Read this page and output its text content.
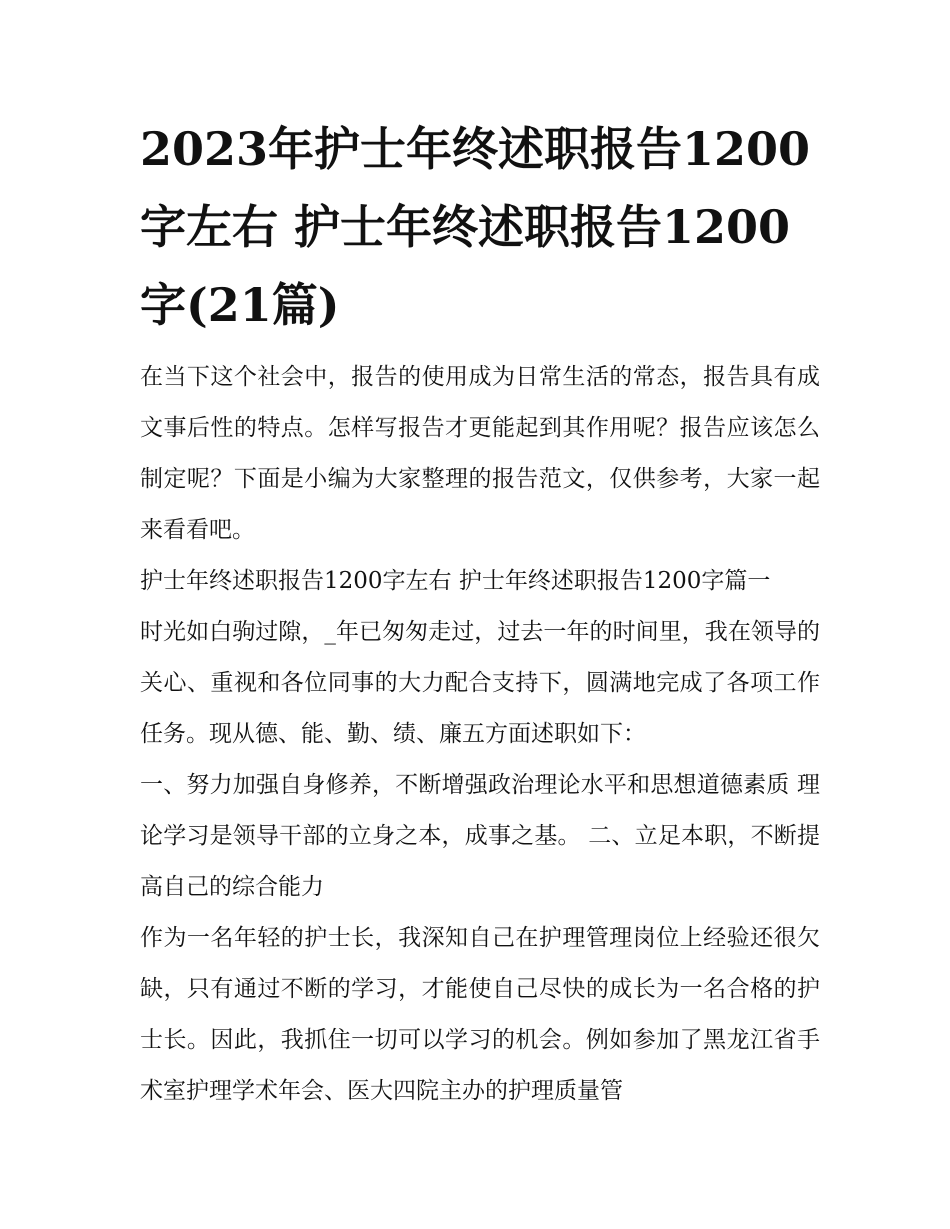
2023年护士年终述职报告1200字左右 护士年终述职报告1200字(21篇)

在当下这个社会中，报告的使用成为日常生活的常态，报告具有成文事后性的特点。怎样写报告才更能起到其作用呢？报告应该怎么制定呢？下面是小编为大家整理的报告范文，仅供参考，大家一起来看看吧。

护士年终述职报告1200字左右 护士年终述职报告1200字篇一

时光如白驹过隙，_年已匆匆走过，过去一年的时间里，我在领导的关心、重视和各位同事的大力配合支持下，圆满地完成了各项工作任务。现从德、能、勤、绩、廉五方面述职如下：

一、努力加强自身修养，不断增强政治理论水平和思想道德素质 理论学习是领导干部的立身之本，成事之基。 二、立足本职，不断提高自己的综合能力

作为一名年轻的护士长，我深知自己在护理管理岗位上经验还很欠缺，只有通过不断的学习，才能使自己尽快的成长为一名合格的护士长。因此，我抓住一切可以学习的机会。例如参加了黑龙江省手术室护理学术年会、医大四院主办的护理质量管
